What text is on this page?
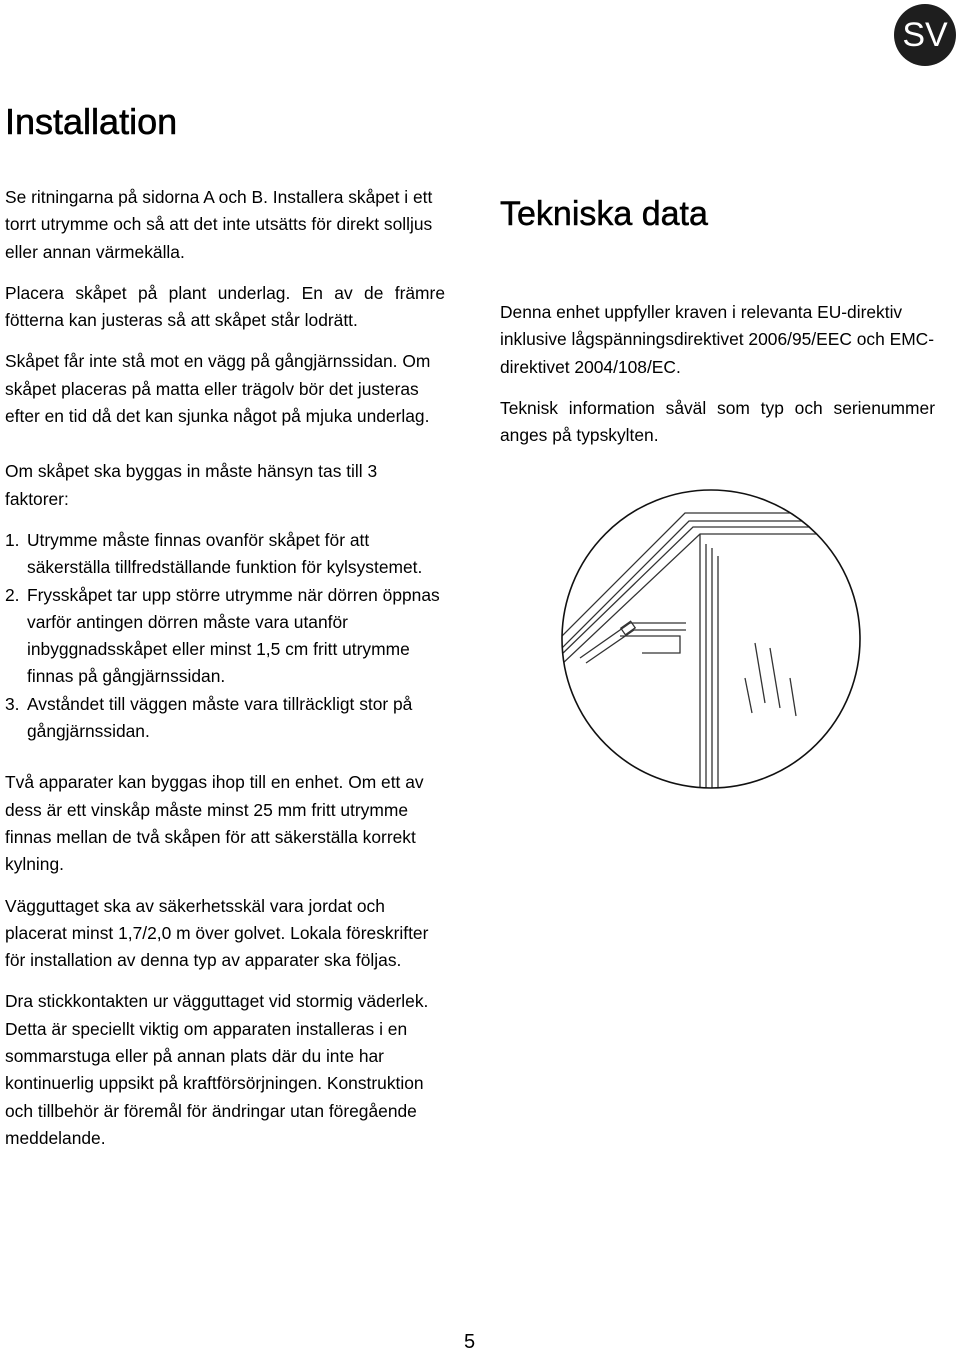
SV
Installation

Se ritningarna på sidorna A och B. Installera skåpet i ett torrt utrymme och så att det inte utsätts för direkt solljus eller annan värmekälla.

Placera skåpet på plant underlag. En av de främre fötterna kan justeras så att skåpet står lodrätt.

Skåpet får inte stå mot en vägg på gångjärnssidan. Om skåpet placeras på matta eller trägolv bör det justeras efter en tid då det kan sjunka något på mjuka underlag.

Om skåpet ska byggas in måste hänsyn tas till 3 faktorer:

1. Utrymme måste finnas ovanför skåpet för att säkerställa tillfredställande funktion för kylsystemet.
2. Frysskåpet tar upp större utrymme när dörren öppnas varför antingen dörren måste vara utanför inbyggnadsskåpet eller minst 1,5 cm fritt utrymme finnas på gångjärnssidan.
3. Avståndet till väggen måste vara tillräckligt stor på gångjärnssidan.

Två apparater kan byggas ihop till en enhet. Om ett av dess är ett vinskåp måste minst 25 mm fritt utrymme finnas mellan de två skåpen för att säkerställa korrekt kylning.

Vägguttaget ska av säkerhetsskäl vara jordat och placerat minst 1,7/2,0 m över golvet. Lokala föreskrifter för installation av denna typ av apparater ska följas.

Dra stickkontakten ur vägguttaget vid stormig väderlek. Detta är speciellt viktig om apparaten installeras i en sommarstuga eller på annan plats där du inte har kontinuerlig uppsikt på kraftförsörjningen. Konstruktion och tillbehör är föremål för ändringar utan föregående meddelande.

Tekniska data

Denna enhet uppfyller kraven i relevanta EU-direktiv inklusive lågspänningsdirektivet 2006/95/EEC och EMC-direktivet 2004/108/EC.

Teknisk information såväl som typ och serienummer anges på typskylten.

5
